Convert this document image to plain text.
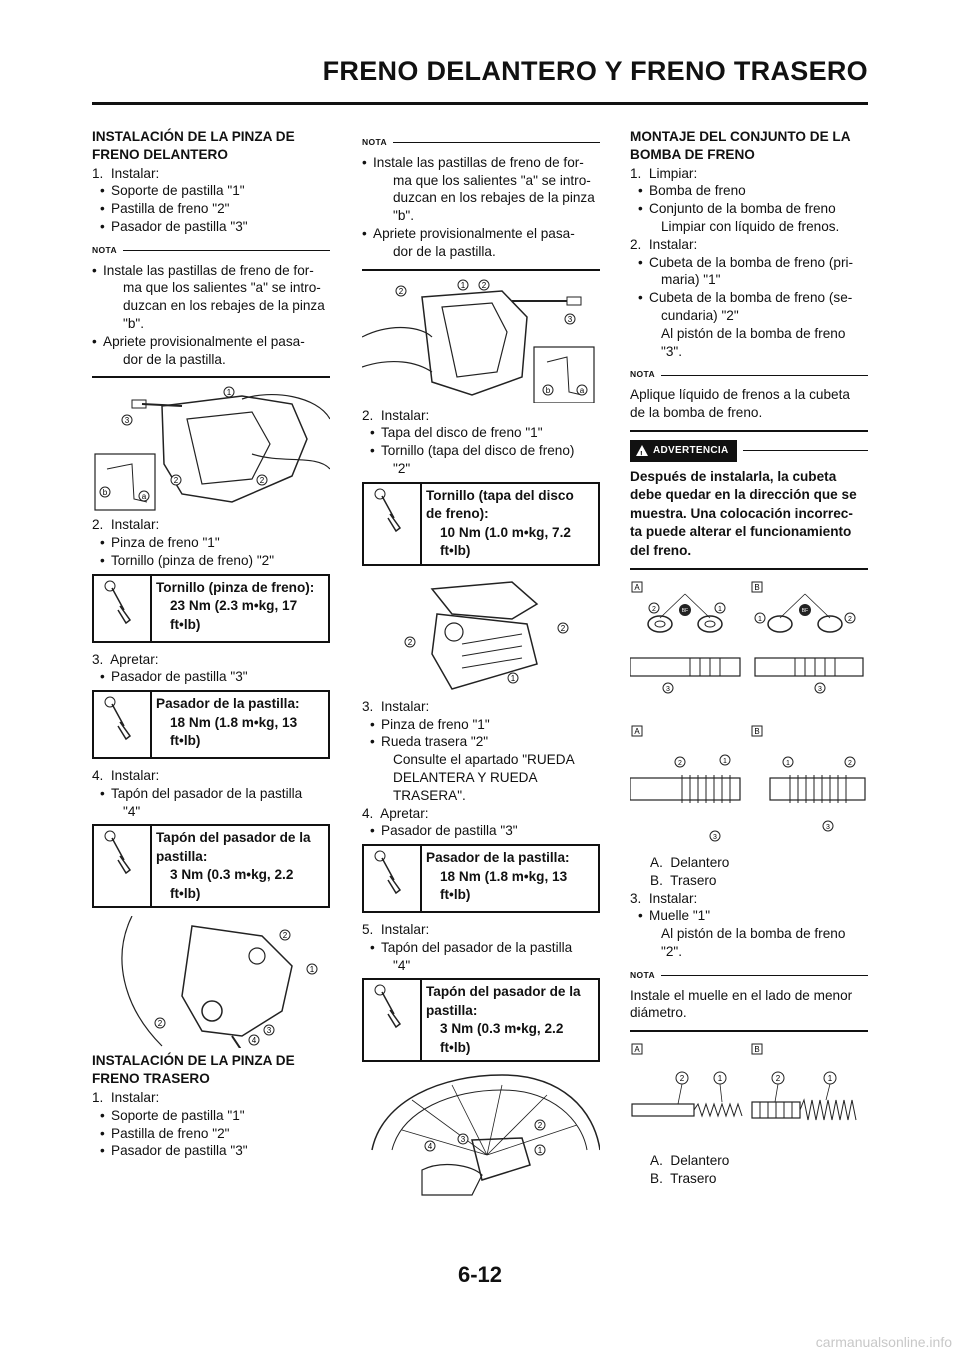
FRENO DELANTERO Y FRENO TRASERO
INSTALACIÓN DE LA PINZA DE
FRENO DELANTERO
1.  Instalar:
• Soporte de pastilla "1"
• Pastilla de freno "2"
• Pasador de pastilla "3"
NOTA
• Instale las pastillas de freno de for-
ma que los salientes "a" se intro-
duzcan en los rebajes de la pinza
"b".
• Apriete provisionalmente el pasa-
dor de la pastilla.
1
3
b	a
2	2
2.  Instalar:
• Pinza de freno "1"
• Tornillo (pinza de freno) "2"
Tornillo (pinza de freno):
23 Nm (2.3 m•kg, 17
ft•lb)
3.  Apretar:
• Pasador de pastilla "3"
Pasador de la pastilla:
18 Nm (1.8 m•kg, 13
ft•lb)
4.  Instalar:
• Tapón del pasador de la pastilla
"4"
Tapón del pasador de la
pastilla:
3 Nm (0.3 m•kg, 2.2
ft•lb)
2
1
2
3
4
INSTALACIÓN DE LA PINZA DE
FRENO TRASERO
1.  Instalar:
• Soporte de pastilla "1"
• Pastilla de freno "2"
• Pasador de pastilla "3"
NOTA
• Instale las pastillas de freno de for-
ma que los salientes "a" se intro-
duzcan en los rebajes de la pinza
"b".
• Apriete provisionalmente el pasa-
dor de la pastilla.
2
1 2
3
b	a
2.  Instalar:
• Tapa del disco de freno "1"
• Tornillo (tapa del disco de freno)
"2"
Tornillo (tapa del disco
de freno):
10 Nm (1.0 m•kg, 7.2
ft•lb)
2
2
1
3.  Instalar:
• Pinza de freno "1"
• Rueda trasera "2"
Consulte el apartado "RUEDA
DELANTERA Y RUEDA
TRASERA".
4.  Apretar:
• Pasador de pastilla "3"
Pasador de la pastilla:
18 Nm (1.8 m•kg, 13
ft•lb)
5.  Instalar:
• Tapón del pasador de la pastilla
"4"
Tapón del pasador de la
pastilla:
3 Nm (0.3 m•kg, 2.2
ft•lb)
2
3
4	1
MONTAJE DEL CONJUNTO DE LA
BOMBA DE FRENO
1.  Limpiar:
• Bomba de freno
• Conjunto de la bomba de freno
Limpiar con líquido de frenos.
2.  Instalar:
• Cubeta de la bomba de freno (pri-
maria) "1"
• Cubeta de la bomba de freno (se-
cundaria) "2"
Al pistón de la bomba de freno
"3".
NOTA
Aplique líquido de frenos a la cubeta
de la bomba de freno.
!
ADVERTENCIA
Después de instalarla, la cubeta
debe quedar en la dirección que se
muestra. Una colocación incorrec-
ta puede alterar el funcionamiento
del freno.
A	B
BF	BF
2	1
3
1	2
3
A	B
2	1
3
1	2
3
A.  Delantero
B.  Trasero
3.  Instalar:
• Muelle "1"
Al pistón de la bomba de freno
"2".
NOTA
Instale el muelle en el lado de menor
diámetro.
A	B
2	1	2	1
A.  Delantero
B.  Trasero
6-12
carmanualsonline.info
